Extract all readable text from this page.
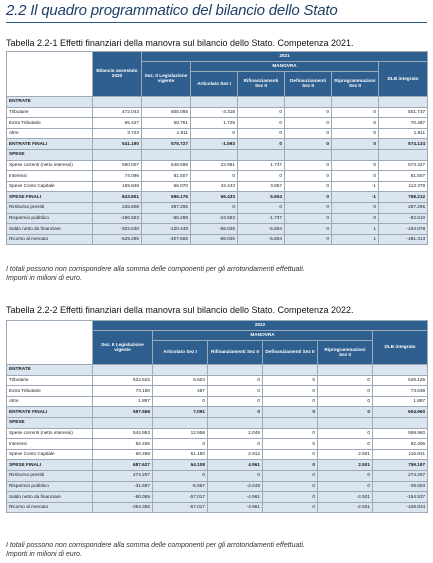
2.2 Il quadro programmatico del bilancio dello Stato
Tabella 2.2-1 Effetti finanziari della manovra sul bilancio dello Stato. Competenza 2021.
	Bilancio assestato 2020	2021					
		Sez. II Legislazione vigente	MANOVRA				DLB integrato
			Articolato Sez I	Rifinanziamenti Sez II	Definanziamenti Sez II	Riprogrammazioni Sez II	
ENTRATE							
Tributarie	472.043	505.055	-3.318	0	0	0	501.737
Extra Tributarie	65.427	68.761	1.725	0	0	0	70.487
Altre	3.723	1.911	0	0	0	0	1.911
ENTRATE FINALI	541.190	575.727	-1.593	0	0	0	574.134
SPESE							
Spese correnti (netto interessi)	590.007	548.598	22.991	1.737	0	0	573.327
Interessi	74.096	81.507	0	0	0	0	81.507
Spese Conto Capitale	169.848	66.070	43.443	3.867	0	-1	113.378
SPESE FINALI	843.851	696.176	66.433	5.604	0	-1	768.212
Rimborso prestiti	226.608	287.295	0	0	0	0	287.295
Risparmio pubblico	-196.553	-56.288	-24.583	-1.737	0	0	-82.610
Saldo netto da finanziare	-302.630	-120.449	-68.026	-5.604	0	1	-194.078
Ricorso al mercato	-529.295	-407.665	-68.026	-5.604	0	1	-481.313
I totali possono non corrispondere alla somma delle componenti per gli arrotondamenti effettuati.
Importi in milioni di euro.
Tabella 2.2-2 Effetti finanziari della manovra sul bilancio dello Stato. Competenza 2022.
	2022					
	Sez. II Legislazione vigente	MANOVRA				DLB integrato
		Articolato Sez I	Rifinanziamenti Sez II	Definanziamenti Sez II	Riprogrammazioni Sez II	
ENTRATE						
Tributarie	522.522	6.604	0	0	0	529.125
Extra Tributarie	73.150	487	0	0	0	73.638
Altre	1.897	0	0	0	0	1.897
ENTRATE FINALI	597.568	7.091	0	0	0	604.660
SPESE						
Spese correnti (netto interessi)	544.953	12.958	2.049	0	0	559.960
Interessi	82.406	0	0	0	0	82.406
Spese Conto Capitale	60.268	51.150	2.912	0	2.501	116.831
SPESE FINALI	687.627	64.108	4.961	0	2.501	759.197
Rimborso prestiti	274.297	0	0	0	0	274.297
Risparmio pubblico	-31.687	-5.867	-2.049	0	0	-39.603
Saldo netto da finanziare	-90.059	-57.017	-4.961	0	-2.501	-154.537
Ricorso al mercato	-364.356	-57.017	-4.961	0	-2.501	-428.834
I totali possono non corrispondere alla somma delle componenti per gli arrotondamenti effettuati.
Importi in milioni di euro.
